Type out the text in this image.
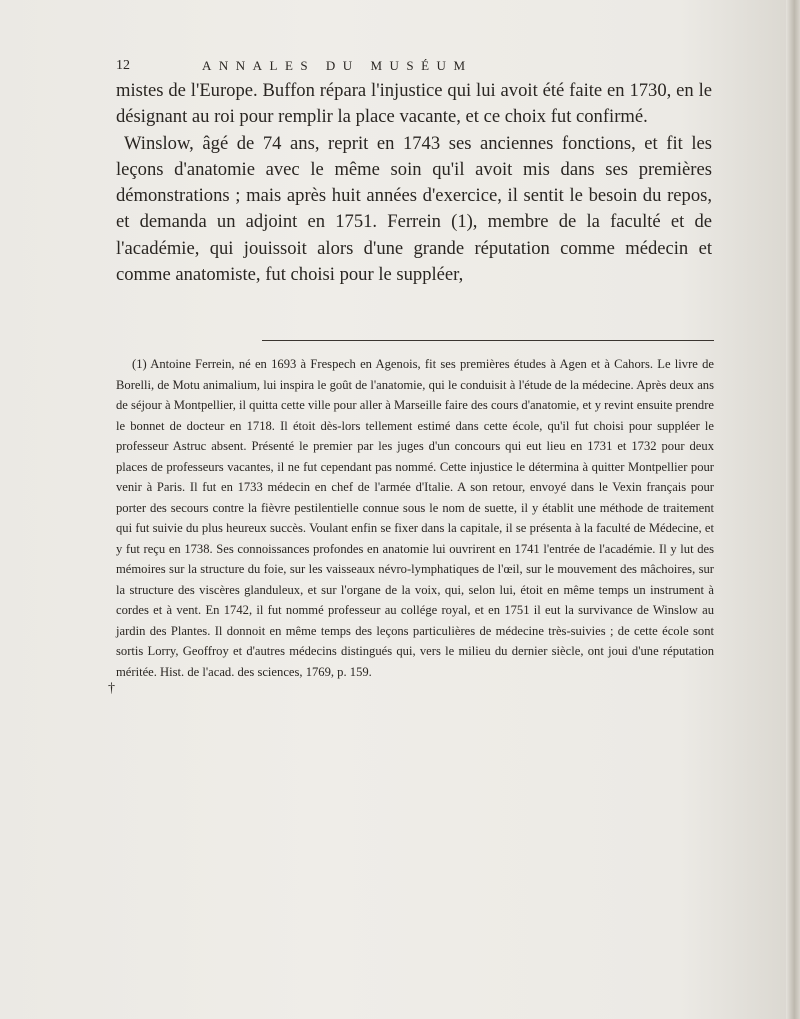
12	ANNALES DU MUSÉUM

mistes de l'Europe. Buffon répara l'injustice qui lui avoit été faite en 1730, en le désignant au roi pour remplir la place vacante, et ce choix fut confirmé.

Winslow, âgé de 74 ans, reprit en 1743 ses anciennes fonctions, et fit les leçons d'anatomie avec le même soin qu'il avoit mis dans ses premières démonstrations ; mais après huit années d'exercice, il sentit le besoin du repos, et demanda un adjoint en 1751. Ferrein (1), membre de la faculté et de l'académie, qui jouissoit alors d'une grande réputation comme médecin et comme anatomiste, fut choisi pour le suppléer,

(1) Antoine Ferrein, né en 1693 à Frespech en Agenois, fit ses premières études à Agen et à Cahors. Le livre de Borelli, de Motu animalium, lui inspira le goût de l'anatomie, qui le conduisit à l'étude de la médecine. Après deux ans de séjour à Montpellier, il quitta cette ville pour aller à Marseille faire des cours d'anatomie, et y revint ensuite prendre le bonnet de docteur en 1718. Il étoit dès-lors tellement estimé dans cette école, qu'il fut choisi pour suppléer le professeur Astruc absent. Présenté le premier par les juges d'un concours qui eut lieu en 1731 et 1732 pour deux places de professeurs vacantes, il ne fut cependant pas nommé. Cette injustice le détermina à quitter Montpellier pour venir à Paris. Il fut en 1733 médecin en chef de l'armée d'Italie. A son retour, envoyé dans le Vexin français pour porter des secours contre la fièvre pestilentielle connue sous le nom de suette, il y établit une méthode de traitement qui fut suivie du plus heureux succès. Voulant enfin se fixer dans la capitale, il se présenta à la faculté de Médecine, et y fut reçu en 1738. Ses connoissances profondes en anatomie lui ouvrirent en 1741 l'entrée de l'académie. Il y lut des mémoires sur la structure du foie, sur les vaisseaux névro-lymphatiques de l'œil, sur le mouvement des mâchoires, sur la structure des viscères glanduleux, et sur l'organe de la voix, qui, selon lui, étoit en même temps un instrument à cordes et à vent. En 1742, il fut nommé professeur au collége royal, et en 1751 il eut la survivance de Winslow au jardin des Plantes. Il donnoit en même temps des leçons particulières de médecine très-suivies ; de cette école sont sortis Lorry, Geoffroy et d'autres médecins distingués qui, vers le milieu du dernier siècle, ont joui d'une réputation méritée. Hist. de l'acad. des sciences, 1769, p. 159.

†
